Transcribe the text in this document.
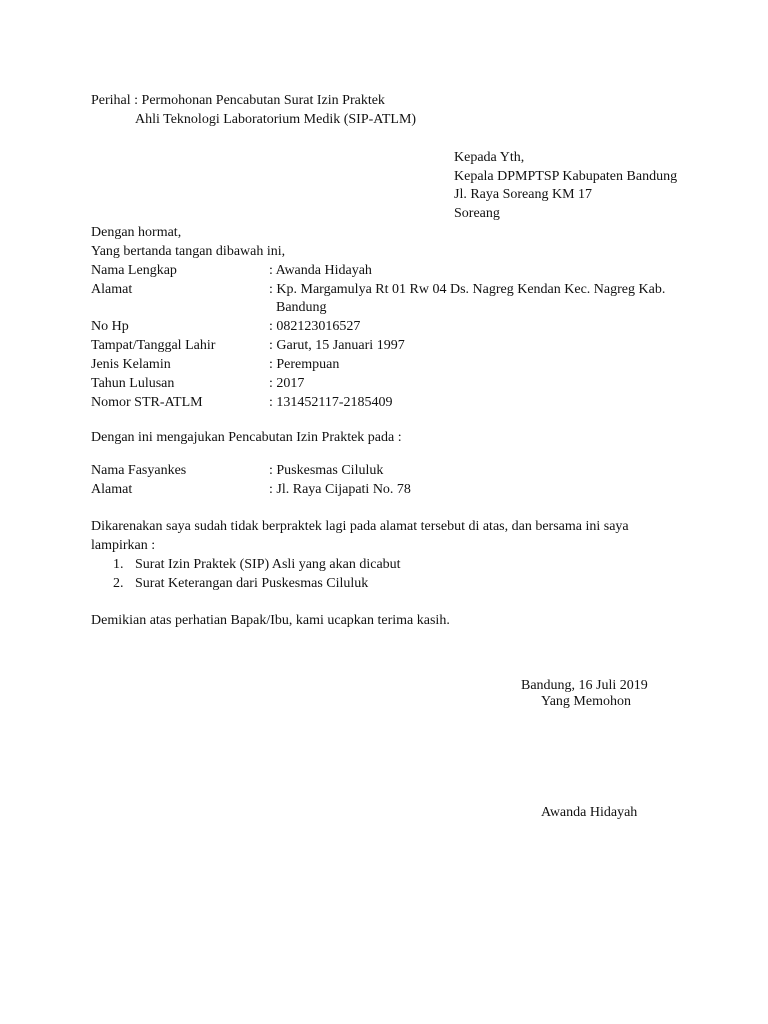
Perihal : Permohonan Pencabutan Surat Izin Praktek
Ahli Teknologi Laboratorium Medik (SIP-ATLM)
Kepada Yth,
Kepala DPMPTSP Kabupaten Bandung
Jl. Raya Soreang KM 17
Soreang
Dengan hormat,
Yang bertanda tangan dibawah ini,
Nama Lengkap	: Awanda Hidayah
Alamat	: Kp. Margamulya Rt 01 Rw 04 Ds. Nagreg Kendan Kec. Nagreg Kab.
Bandung
No Hp	: 082123016527
Tampat/Tanggal Lahir	: Garut, 15 Januari 1997
Jenis Kelamin	: Perempuan
Tahun Lulusan	: 2017
Nomor STR-ATLM	: 131452117-2185409
Dengan ini mengajukan Pencabutan Izin Praktek pada :
Nama Fasyankes	: Puskesmas Ciluluk
Alamat	: Jl. Raya Cijapati No. 78
Dikarenakan saya sudah tidak berpraktek lagi pada alamat tersebut di atas, dan bersama ini saya
lampirkan :
1. Surat Izin Praktek (SIP) Asli yang akan dicabut
2. Surat Keterangan dari Puskesmas Ciluluk
Demikian atas perhatian Bapak/Ibu, kami ucapkan terima kasih.
Bandung, 16 Juli 2019
Yang Memohon
Awanda Hidayah
